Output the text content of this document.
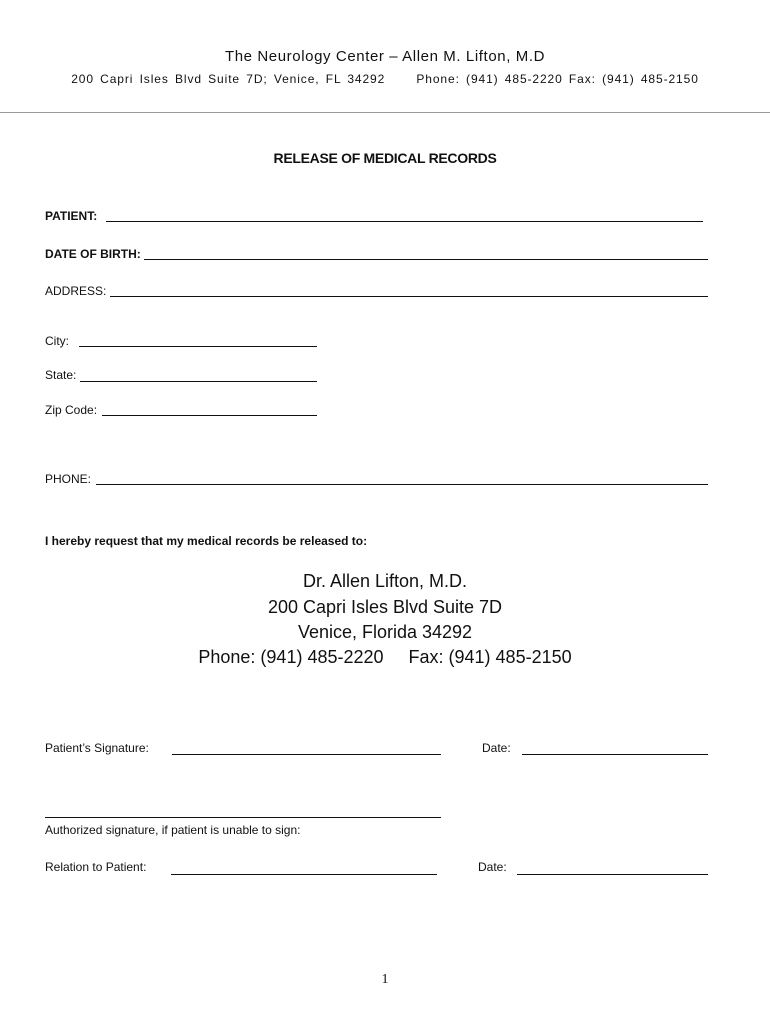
The Neurology Center – Allen M. Lifton, M.D
200 Capri Isles Blvd Suite 7D; Venice, FL 34292     Phone: (941) 485-2220 Fax: (941) 485-2150
RELEASE OF MEDICAL RECORDS
PATIENT:
DATE OF BIRTH:
ADDRESS:
City:
State:
Zip Code:
PHONE:
I hereby request that my medical records be released to:
Dr. Allen Lifton, M.D.
200 Capri Isles Blvd Suite 7D
Venice, Florida 34292
Phone: (941) 485-2220     Fax: (941) 485-2150
Patient’s Signature:	Date:
Authorized signature, if patient is unable to sign:
Relation to Patient:	Date:
1
